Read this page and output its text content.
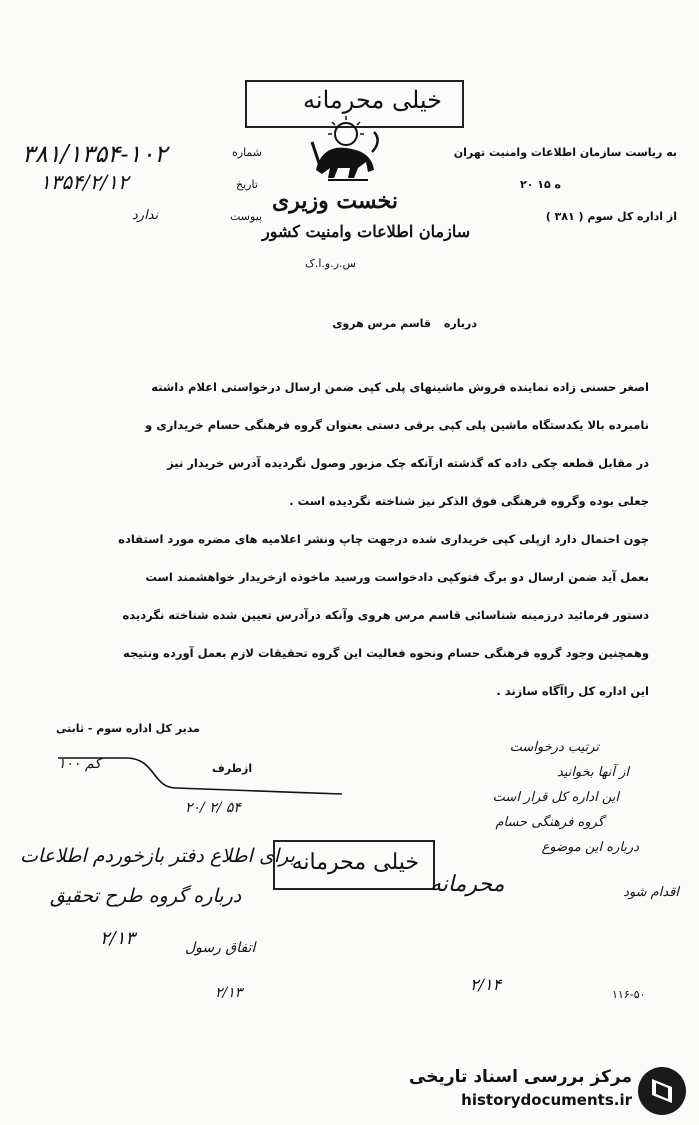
خیلی محرمانه
نخست وزیری
سازمان اطلاعات وامنیت کشور
س.ر.و.ا.ک
شماره
۳۸۱/۱۳۵۴-۱۰۲
تاریخ
۱۳۵۴/۲/۱۲
پیوست
ندارد
به ریاست سازمان اطلاعات وامنیت تهران
۲۰ ه ۱۵
از اداره کل سوم ( ۳۸۱ )
درباره
قاسم مرس هروی
اصغر حسنی زاده نماینده فروش ماشینهای پلی کپی ضمن ارسال درخواستی اعلام داشته
نامبرده بالا یکدستگاه ماشین پلی کپی برقی دستی بعنوان گروه فرهنگی حسام خریداری و
در مقابل قطعه چکی داده که گذشته ازآنکه چک مزبور وصول نگردیده آدرس خریدار نیز
جعلی بوده وگروه فرهنگی فوق الذکر نیز شناخته نگردیده است .
چون احتمال دارد ازپلی کپی خریداری شده درجهت چاپ ونشر اعلامیه های مضره مورد استفاده
بعمل آید ضمن ارسال دو برگ فتوکپی دادخواست ورسید ماخوذه ازخریدار خواهشمند است
دستور فرمائید درزمینه شناسائی قاسم مرس هروی وآنکه درآدرس تعیین شده شناخته نگردیده
وهمچنین وجود گروه فرهنگی حسام ونحوه فعالیت این گروه تحقیقات لازم بعمل آورده ونتیجه
این اداره کل راآگاه سازند .
مدیر کل اداره سوم - ثابتی
کم ۱۰۰	ازطرف
۲۰/ ۲/ ۵۴
ترتیب درخواست
از آنها بخوانید
این اداره کل قرار است
گروه فرهنگی حسام
درباره این موضوع
اقدام شود
برای اطلاع دفتر بازخوردم اطلاعات
درباره گروه طرح تحقیق
۲/۱۳
خیلی محرمانه
محرمانه
اتفاق رسول
۲/۱۳	۲/۱۴
۱۱۶-۵۰
مرکز بررسی اسناد تاریخی
historydocuments.ir
